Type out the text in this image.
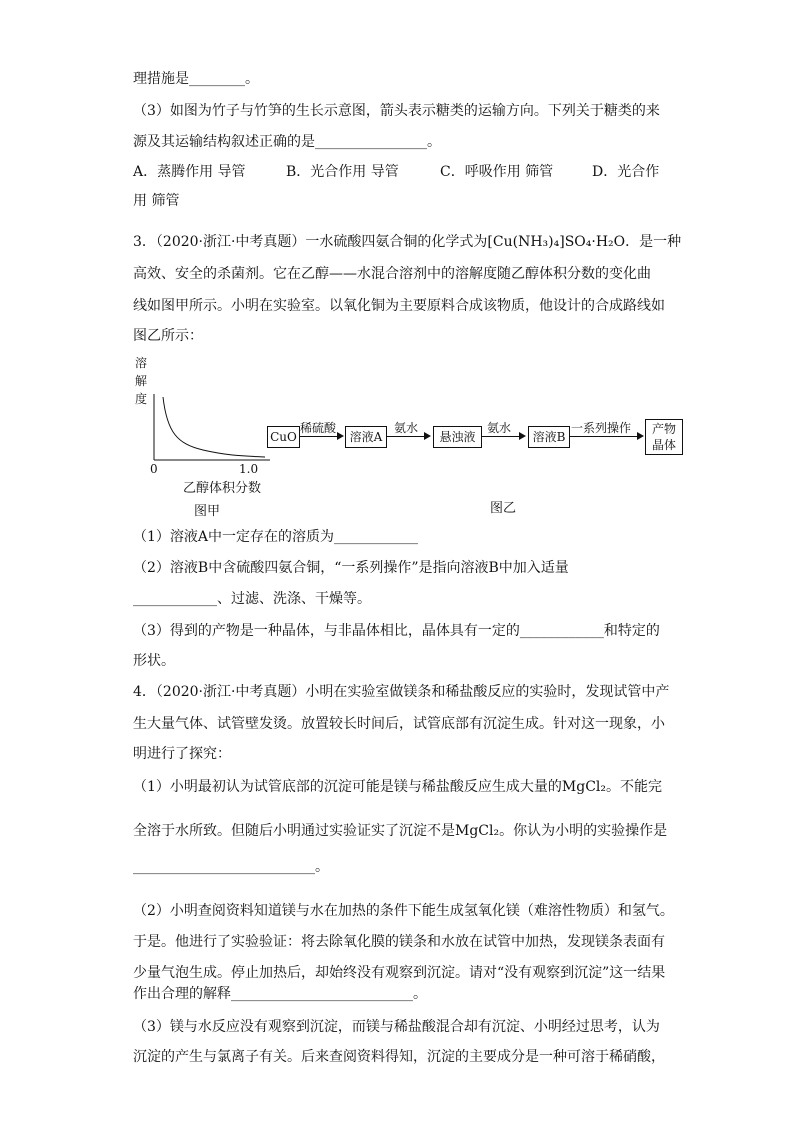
理措施是________。
（3）如图为竹子与竹笋的生长示意图，箭头表示糖类的运输方向。下列关于糖类的来
源及其运输结构叙述正确的是________________。
A．蒸腾作用 导管	B．光合作用 导管	C．呼吸作用 筛管	D．光合作
用 筛管
3．（2020·浙江·中考真题）一水硫酸四氨合铜的化学式为[Cu(NH₃)₄]SO₄·H₂O．是一种
高效、安全的杀菌剂。它在乙醇——水混合溶剂中的溶解度随乙醇体积分数的变化曲
线如图甲所示。小明在实验室。以氧化铜为主要原料合成该物质，他设计的合成路线如
图乙所示：
溶
解
度
0	1.0
乙醇体积分数
图甲
CuO
稀硫酸
溶液A
氨水
悬浊液
氨水
溶液B
一系列操作	产物晶体
图乙
（1）溶液A中一定存在的溶质为____________
（2）溶液B中含硫酸四氨合铜，“一系列操作”是指向溶液B中加入适量
____________、过滤、洗涤、干燥等。
（3）得到的产物是一种晶体，与非晶体相比，晶体具有一定的____________和特定的
形状。
4．（2020·浙江·中考真题）小明在实验室做镁条和稀盐酸反应的实验时，发现试管中产
生大量气体、试管壁发烫。放置较长时间后，试管底部有沉淀生成。针对这一现象，小
明进行了探究：
（1）小明最初认为试管底部的沉淀可能是镁与稀盐酸反应生成大量的MgCl₂。不能完
全溶于水所致。但随后小明通过实验证实了沉淀不是MgCl₂。你认为小明的实验操作是
__________________________。
（2）小明查阅资料知道镁与水在加热的条件下能生成氢氧化镁（难溶性物质）和氢气。
于是。他进行了实验验证：将去除氧化膜的镁条和水放在试管中加热，发现镁条表面有
少量气泡生成。停止加热后，却始终没有观察到沉淀。请对“没有观察到沉淀”这一结果
作出合理的解释__________________________。
（3）镁与水反应没有观察到沉淀，而镁与稀盐酸混合却有沉淀、小明经过思考，认为
沉淀的产生与氯离子有关。后来查阅资料得知，沉淀的主要成分是一种可溶于稀硝酸，
